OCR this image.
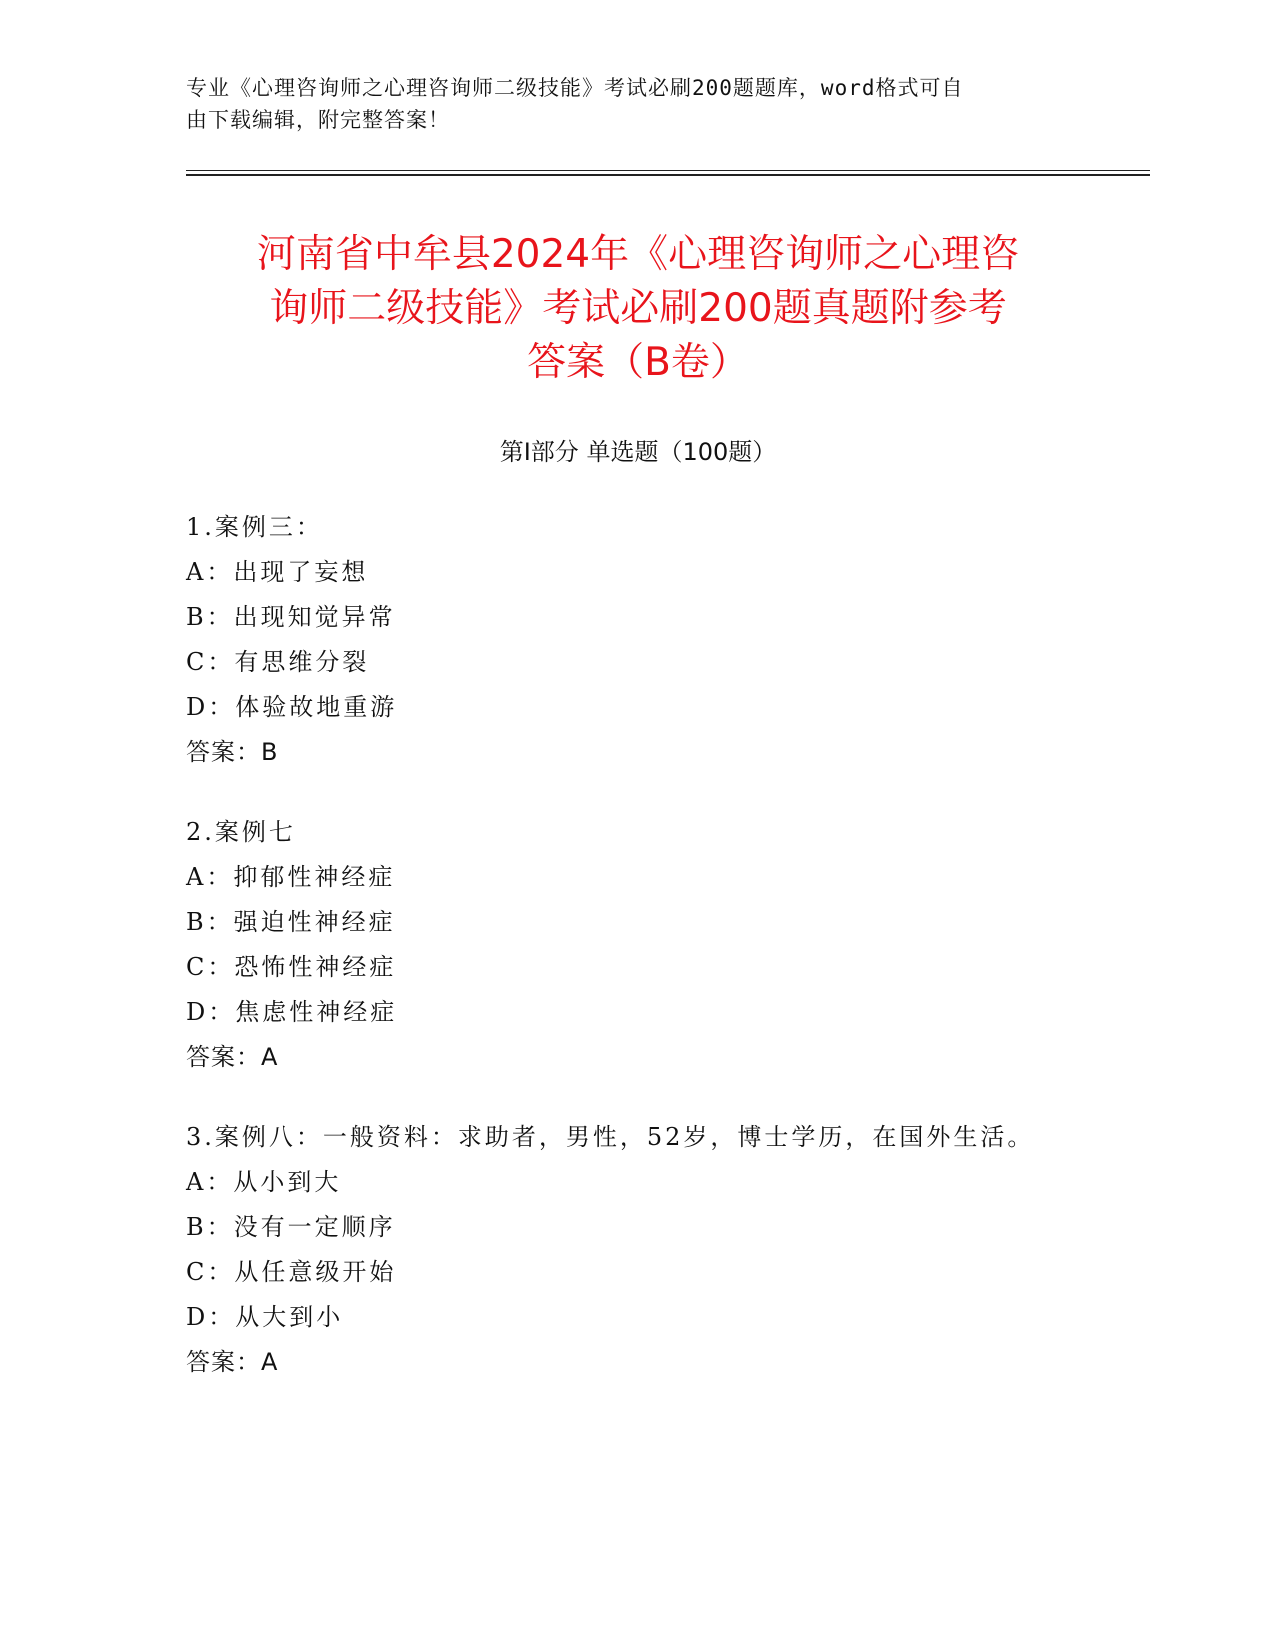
专业《心理咨询师之心理咨询师二级技能》考试必刷200题题库，word格式可自
由下载编辑，附完整答案！
河南省中牟县2024年《心理咨询师之心理咨
询师二级技能》考试必刷200题真题附参考
答案（B卷）
第Ⅰ部分 单选题（100题）
1.案例三：
A：出现了妄想
B：出现知觉异常
C：有思维分裂
D：体验故地重游
答案：B
2.案例七
A：抑郁性神经症
B：强迫性神经症
C：恐怖性神经症
D：焦虑性神经症
答案：A
3.案例八：一般资料：求助者，男性，52岁，博士学历，在国外生活。
A：从小到大
B：没有一定顺序
C：从任意级开始
D：从大到小
答案：A
